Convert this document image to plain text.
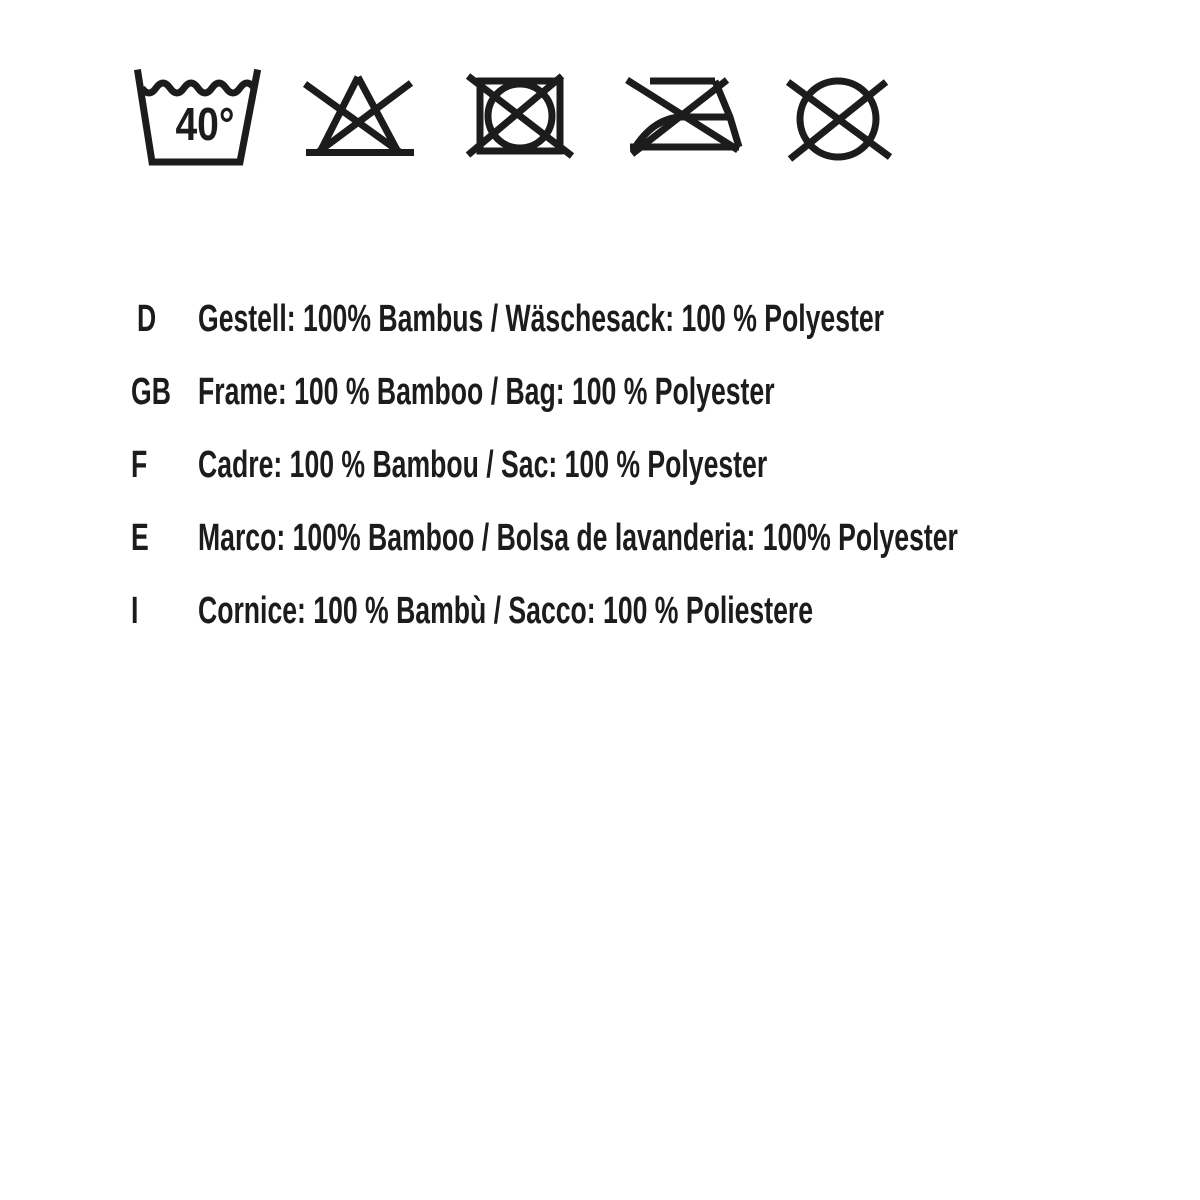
40°
D Gestell: 100% Bambus / Wäschesack: 100 % Polyester
GB Frame: 100 % Bamboo / Bag: 100 % Polyester
F Cadre: 100 % Bambou / Sac: 100 % Polyester
E Marco: 100% Bamboo / Bolsa de lavanderia: 100% Polyester
I Cornice: 100 % Bambù / Sacco: 100 % Poliestere
